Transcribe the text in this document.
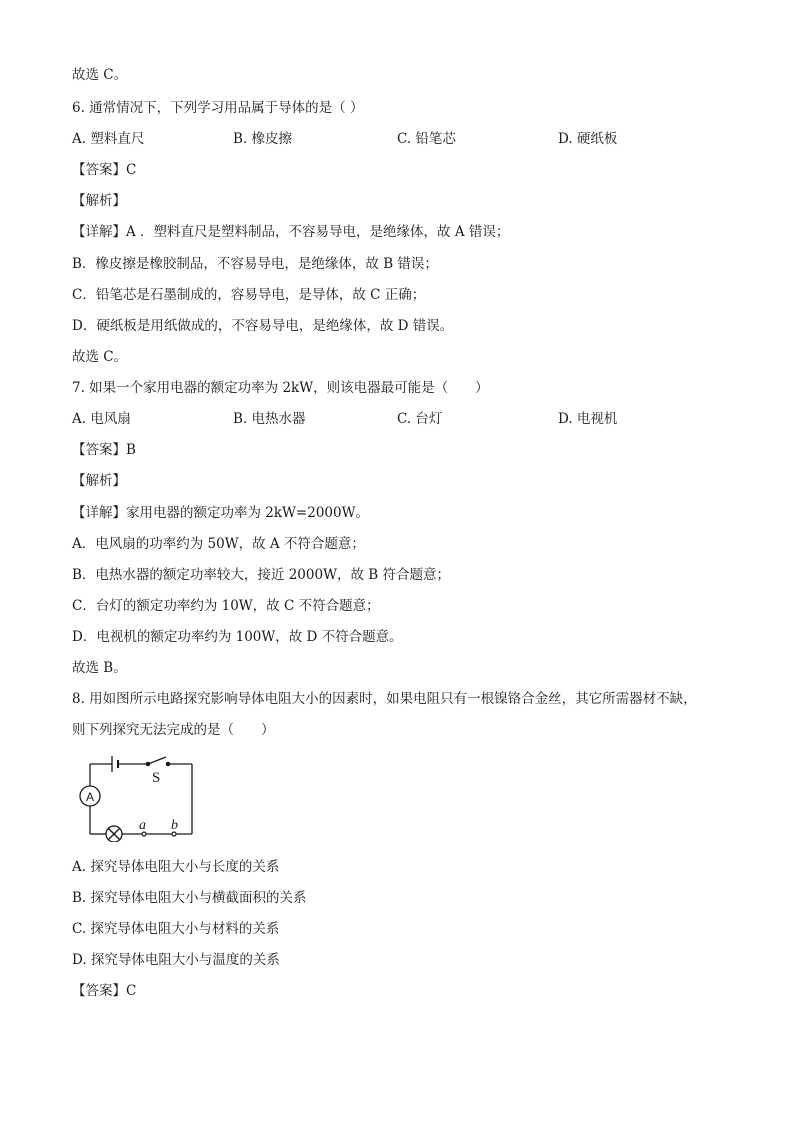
故选 C。
6. 通常情况下，下列学习用品属于导体的是（ ）
A. 塑料直尺	B. 橡皮擦	C. 铅笔芯	D. 硬纸板
【答案】C
【解析】
【详解】A ．塑料直尺是塑料制品，不容易导电，是绝缘体，故 A 错误；
B．橡皮擦是橡胶制品，不容易导电，是绝缘体，故 B 错误；
C．铅笔芯是石墨制成的，容易导电，是导体，故 C 正确；
D．硬纸板是用纸做成的，不容易导电，是绝缘体，故 D 错误。
故选 C。
7. 如果一个家用电器的额定功率为 2kW，则该电器最可能是（　　）
A. 电风扇	B. 电热水器	C. 台灯	D. 电视机
【答案】B
【解析】
【详解】家用电器的额定功率为 2kW=2000W。
A．电风扇的功率约为 50W，故 A 不符合题意；
B．电热水器的额定功率较大，接近 2000W，故 B 符合题意；
C．台灯的额定功率约为 10W，故 C 不符合题意；
D．电视机的额定功率约为 100W，故 D 不符合题意。
故选 B。
8. 用如图所示电路探究影响导体电阻大小的因素时，如果电阻只有一根镍铬合金丝，其它所需器材不缺，
则下列探究无法完成的是（　　）
S
A
a b
A. 探究导体电阻大小与长度的关系
B. 探究导体电阻大小与横截面积的关系
C. 探究导体电阻大小与材料的关系
D. 探究导体电阻大小与温度的关系
【答案】C
